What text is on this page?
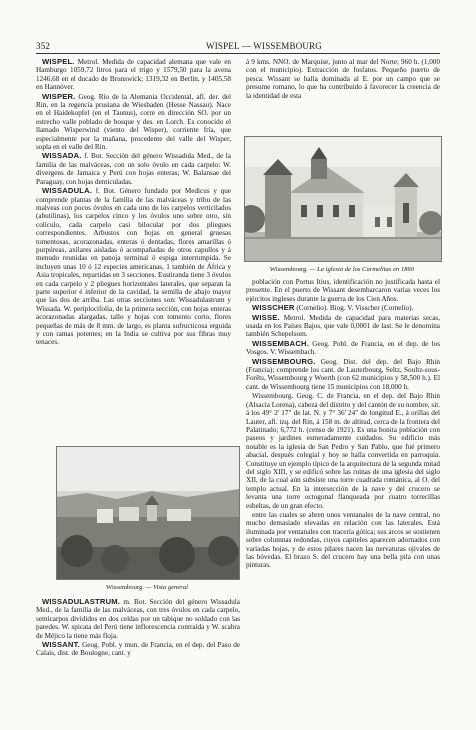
352	WISPEL — WISSEMBOURG

WISPEL. Metrol. Medida de capacidad alemana que vale en Hamburgo 1059,72 litros para el trigo y 1579,50 para la avena 1246,68 en el ducado de Brunswick; 1319,32 en Berlín, y 1405,58 en Hannóver.

WISPER. Geog. Río de la Alemania Occidental, afl. der. del Rin, en la regencia prusiana de Wiesbaden (Hesse Nassau). Nace en el Haidekopfel (en el Taunus), corre en dirección SO. por un estrecho valle poblado de bosque y des. en Lorch. Es conocido el llamado Wisperwind (viento del Wisper), corriente fría, que especialmente por la mañana, procedente del valle del Wisper, sopla en el valle del Rin.

WISSADA. f. Bot. Sección del género Wissadula Med., de la familia de las malváceas, con un solo óvulo en cada carpelo: W. divergens de Jamaica y Perú con hojas enteras; W. Balansae del Paraguay, con hojas denticuladas.

WISSADULA. f. Bot. Género fundado por Medicus y que comprende plantas de la familia de las malváceas y tribu de las malveas con pocos óvulos en cada uno de los carpelos verticilados (abutilinas), los carpelos cinco y los óvulos uno sobre otro, sin colículo, cada carpelo casi bilocular por dos pliegues correspondientes. Arbustos con hojas en general gruesas tomentosas, acorazonadas, enteras ó dentadas, flores amarillas ó purpúreas, axilares aisladas ó acompañadas de otros capullos y á menudo reunidas en panoja terminal ó espiga interrumpida. Se incluyen unas 10 ó 12 especies americanas, 1 también de África y Asia tropicales, repartidas en 3 secciones. Eustiranda tiene 3 óvulos en cada carpelo y 2 pliegues horizontales laterales, que separan la parte superior é inferior de la cavidad, la semilla de abajo mayor que las dos de arriba. Las otras secciones son: Wissadulastrum y Wissada. W. periplocifolia, de la primera sección, con hojas enteras acorazonadas alargadas, tallo y hojas con tomento corto, flores pequeñas de más de 8 mm. de largo, es planta sufructicosa erguida y con ramas potentes; en la India se cultiva por sus fibras muy tenaces.

á 9 kms. NNO. de Marquise, junto al mar del Norte; 960 h. (1,000 con el municipio). Extracción de fosfatos. Pequeño puerto de pesca. Wissant se halla dominada al E. por un campo que se presume romano, lo que ha contribuido á favorecer la creencia de la identidad de esta

Wissembourg. — La iglesia de los Carmelitas en 1860

población con Portus Itius, identificación no justificada hasta el presente. En el puerto de Wissant desembarcaron varias veces los ejércitos ingleses durante la guerra de los Cien Años.

WISSCHER (Cornelio). Biog. V. Visscher (Cornelio).

WISSE. Metrol. Medida de capacidad para materias secas, usada en los Países Bajos, que vale 0,0001 de last. Se le denomina también Schepelsom.

WISSEMBACH. Geog. Pobl. de Francia, en el dep. de los Vosgos. V. Wissembach.

WISSEMBOURG. Geog. Dist. del dep. del Bajo Rhin (Francia); comprende los cant. de Lauterbourg, Seltz, Soultz-sous-Forêts, Wissembourg y Woerth (con 62 municipios y 58,500 h.). El cant. de Wissembourg tiene 15 municipios con 18,000 h.

Wissembourg. Geog. C. de Francia, en el dep. del Bajo Rhin (Alsacia Lorena), cabeza del distrito y del cantón de su nombre, sit. á los 49° 2' 17" de lat. N. y 7° 36' 24" de longitud E., á orillas del Lauter, afl. izq. del Rin, á 158 m. de altitud, cerca de la frontera del Palatinado; 6,772 h. (censo de 1921). Es una bonita población con paseos y jardines esmeradamente cuidados. Su edificio más notable es la iglesia de San Pedro y San Pablo, que fué primero abacial, después colegial y hoy se halla convertida en parroquia. Constituye un ejemplo típico de la arquitectura de la segunda mitad del siglo XIII, y se edificó sobre las ruinas de una iglesia del siglo XII, de la cual aún subsiste una torre cuadrada románica, al O. del templo actual. En la intersección de la nave y del crucero se levanta una torre octogonal flanqueada por cuatro torrecillas esbeltas, de un gran efecto.

entre las cuales se abren unos ventanales de la nave central, no mucho demasiado elevadas en relación con las laterales. Está iluminada por ventanales con tracería gótica; sus arcos se sostienen sobre columnas redondas, cuyos capiteles aparecen adornados con variadas hojas, y de estos pilares nacen las nervaturas ojivales de las bóvedas. El brazo S. del crucero hay una bella pila con unas pinturas.

Wissembourg. — Vista general

WISSADULASTRUM. m. Bot. Sección del género Wissadula Med., de la familia de las malváceas, con tres óvulos en cada carpelo, semicarpos divididos en dos celdas por un tabique no soldado con las paredes. W. spicata del Perú tiene inflorescencia contraída y W. scabra de Méjico la tiene más floja.

WISSANT. Geog. Pobl. y mun. de Francia, en el dep. del Paso de Calais, dist. de Boulogne, cant. y
